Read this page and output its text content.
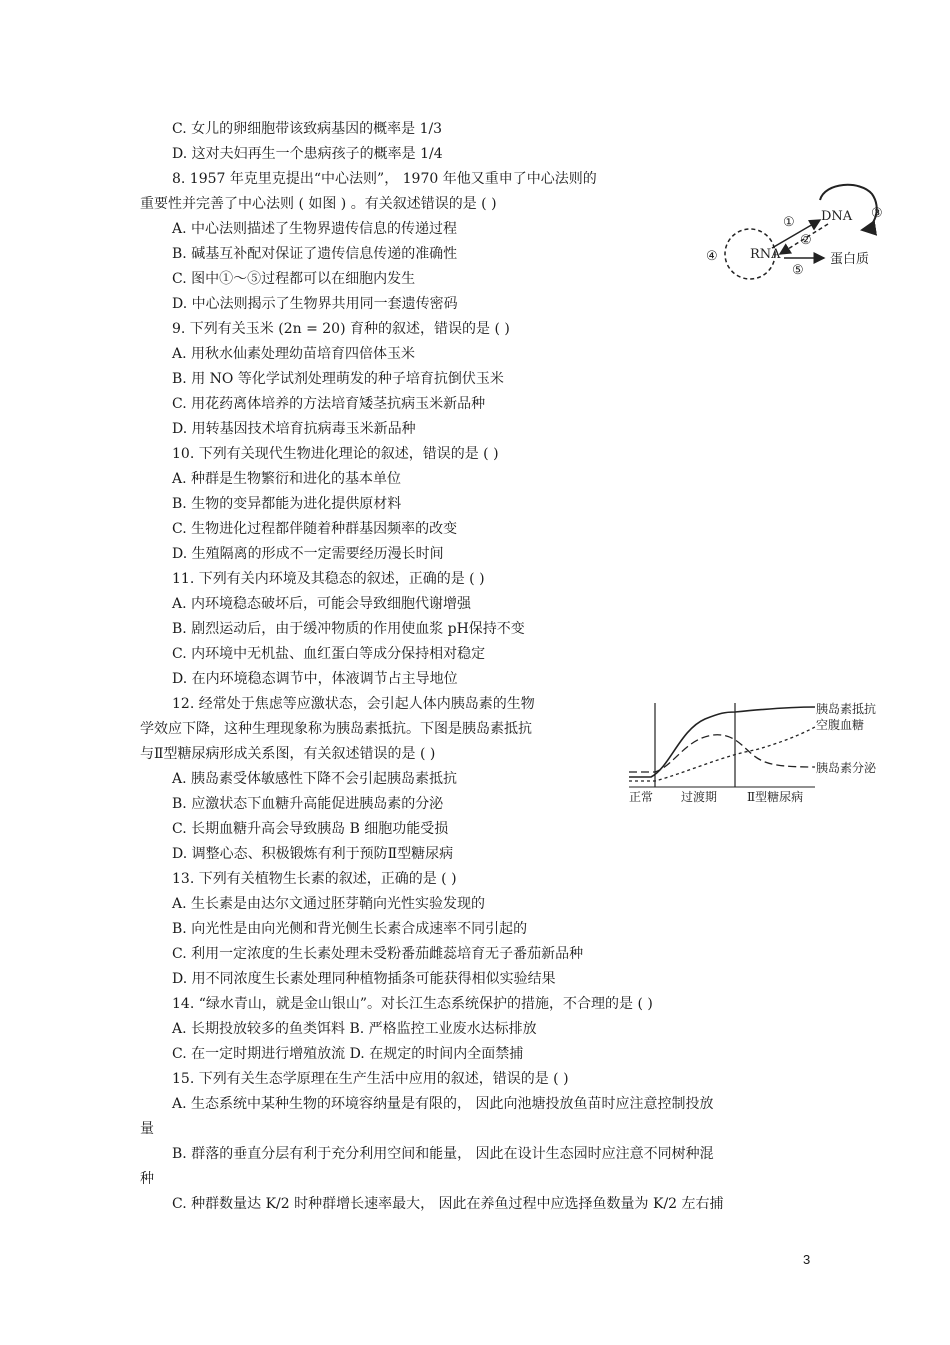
C. 女儿的卵细胞带该致病基因的概率是 1/3
D. 这对夫妇再生一个患病孩子的概率是 1/4
8. 1957 年克里克提出“中心法则”， 1970 年他又重申了中心法则的
重要性并完善了中心法则 ( 如图 ) 。有关叙述错误的是 ( )
A. 中心法则描述了生物界遗传信息的传递过程
B. 碱基互补配对保证了遗传信息传递的准确性
C. 图中①～⑤过程都可以在细胞内发生
D. 中心法则揭示了生物界共用同一套遗传密码
9. 下列有关玉米 (2n = 20) 育种的叙述，错误的是 ( )
A. 用秋水仙素处理幼苗培育四倍体玉米
B. 用 NO 等化学试剂处理萌发的种子培育抗倒伏玉米
C. 用花药离体培养的方法培育矮茎抗病玉米新品种
D. 用转基因技术培育抗病毒玉米新品种
10. 下列有关现代生物进化理论的叙述，错误的是 ( )
A. 种群是生物繁衍和进化的基本单位
B. 生物的变异都能为进化提供原材料
C. 生物进化过程都伴随着种群基因频率的改变
D. 生殖隔离的形成不一定需要经历漫长时间
11. 下列有关内环境及其稳态的叙述，正确的是 ( )
A. 内环境稳态破坏后，可能会导致细胞代谢增强
B. 剧烈运动后，由于缓冲物质的作用使血浆 pH保持不变
C. 内环境中无机盐、血红蛋白等成分保持相对稳定
D. 在内环境稳态调节中，体液调节占主导地位
12. 经常处于焦虑等应激状态，会引起人体内胰岛素的生物
学效应下降，这种生理现象称为胰岛素抵抗。下图是胰岛素抵抗
与Ⅱ型糖尿病形成关系图，有关叙述错误的是 ( )
A. 胰岛素受体敏感性下降不会引起胰岛素抵抗
B. 应激状态下血糖升高能促进胰岛素的分泌
C. 长期血糖升高会导致胰岛 B 细胞功能受损
D. 调整心态、积极锻炼有利于预防Ⅱ型糖尿病
13. 下列有关植物生长素的叙述，正确的是 ( )
A. 生长素是由达尔文通过胚芽鞘向光性实验发现的
B. 向光性是由向光侧和背光侧生长素合成速率不同引起的
C. 利用一定浓度的生长素处理未受粉番茄雌蕊培育无子番茄新品种
D. 用不同浓度生长素处理同种植物插条可能获得相似实验结果
14. “绿水青山，就是金山银山”。对长江生态系统保护的措施，不合理的是 ( )
A. 长期投放较多的鱼类饵料 B. 严格监控工业废水达标排放
C. 在一定时期进行增殖放流 D. 在规定的时间内全面禁捕
15. 下列有关生态学原理在生产生活中应用的叙述，错误的是 ( )
A. 生态系统中某种生物的环境容纳量是有限的， 因此向池塘投放鱼苗时应注意控制投放
量
B. 群落的垂直分层有利于充分利用空间和能量， 因此在设计生态园时应注意不同树种混
种
C. 种群数量达 K/2 时种群增长速率最大， 因此在养鱼过程中应选择鱼数量为 K/2 左右捕
DNA ③
①
②
RNA
④
⑤
蛋白质
胰岛素抵抗
空腹血糖
胰岛素分泌
正常 过渡期 Ⅱ型糖尿病
3
